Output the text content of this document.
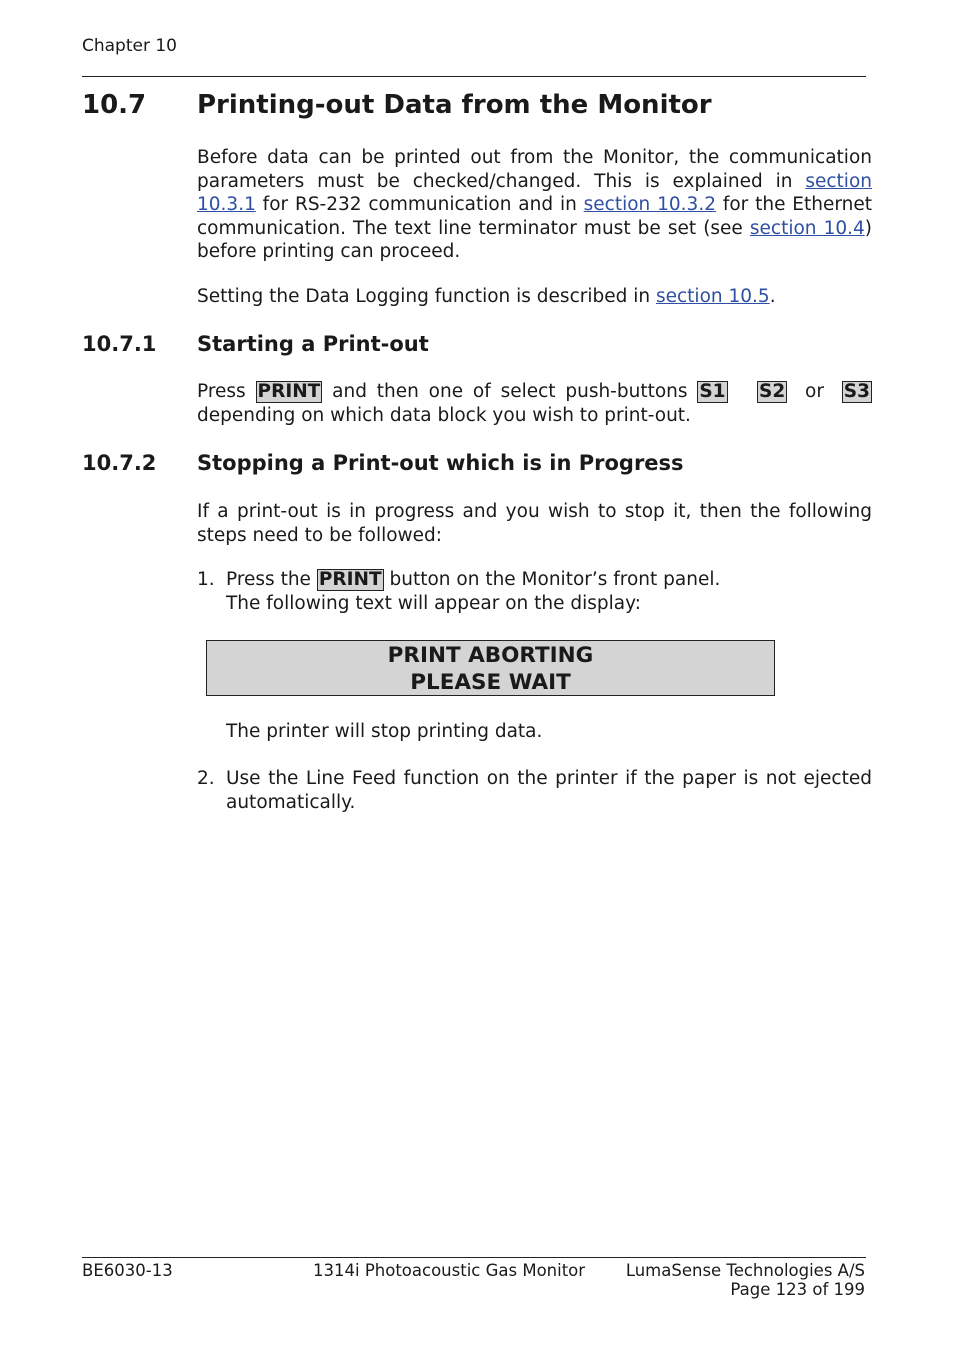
Chapter 10
10.7 Printing-out Data from the Monitor
Before data can be printed out from the Monitor, the communication parameters must be checked/changed. This is explained in section 10.3.1 for RS-232 communication and in section 10.3.2 for the Ethernet communication. The text line terminator must be set (see section 10.4) before printing can proceed.
Setting the Data Logging function is described in section 10.5.
10.7.1 Starting a Print-out
Press PRINT and then one of select push-buttons S1 S2 or S3 depending on which data block you wish to print-out.
10.7.2 Stopping a Print-out which is in Progress
If a print-out is in progress and you wish to stop it, then the following steps need to be followed:
1. Press the PRINT button on the Monitor’s front panel.
The following text will appear on the display:
PRINT ABORTING
PLEASE WAIT
The printer will stop printing data.
2. Use the Line Feed function on the printer if the paper is not ejected automatically.
BE6030-13	1314i Photoacoustic Gas Monitor LumaSense Technologies A/S
Page 123 of 199
